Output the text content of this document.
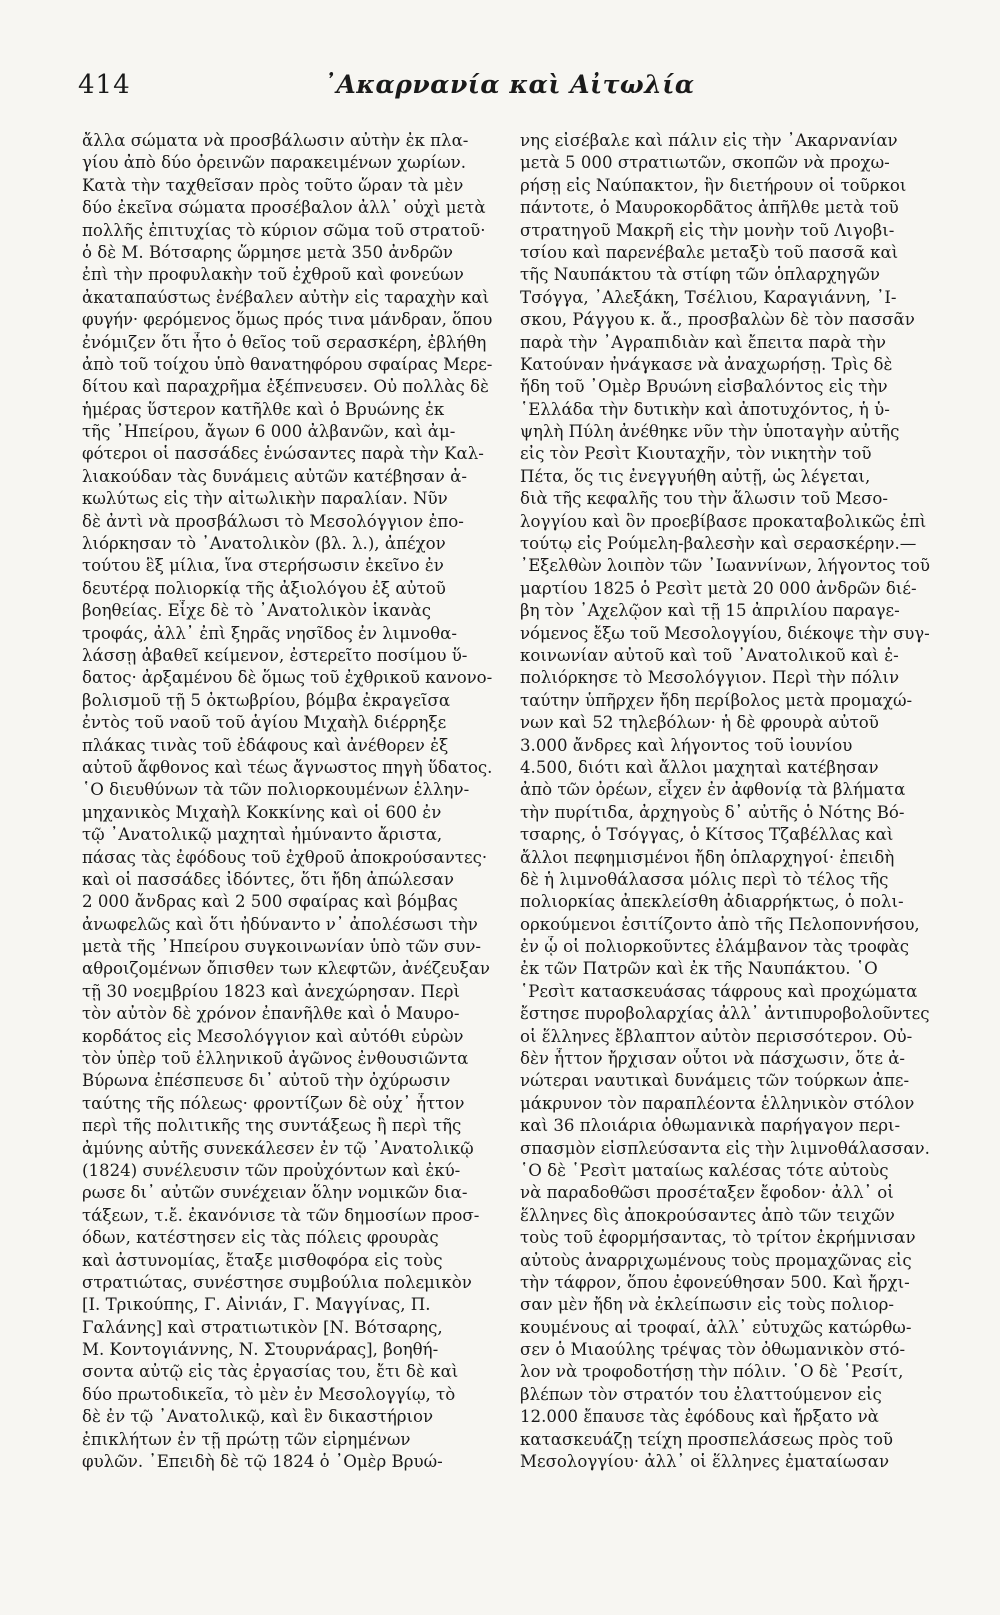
414	᾿Ακαρνανία καὶ Αἰτωλία
ἄλλα σώματα νὰ προσβάλωσιν αὐτὴν ἐκ πλα-
γίου ἀπὸ δύο ὀρεινῶν παρακειμένων χωρίων.
Κατὰ τὴν ταχθεῖσαν πρὸς τοῦτο ὥραν τὰ μὲν
δύο ἐκεῖνα σώματα προσέβαλον ἀλλ᾿ οὐχὶ μετὰ
πολλῆς ἐπιτυχίας τὸ κύριον σῶμα τοῦ στρατοῦ·
ὁ δὲ Μ. Βότσαρης ὥρμησε μετὰ 350 ἀνδρῶν
ἐπὶ τὴν προφυλακὴν τοῦ ἐχθροῦ καὶ φονεύων
ἀκαταπαύστως ἐνέβαλεν αὐτὴν εἰς ταραχὴν καὶ
φυγήν· φερόμενος ὅμως πρός τινα μάνδραν, ὅπου
ἐνόμιζεν ὅτι ἦτο ὁ θεῖος τοῦ σερασκέρη, ἐβλήθη
ἀπὸ τοῦ τοίχου ὑπὸ θανατηφόρου σφαίρας Μερε-
δίτου καὶ παραχρῆμα ἐξέπνευσεν. Οὐ πολλὰς δὲ
ἡμέρας ὕστερον κατῆλθε καὶ ὁ Βρυώνης ἐκ
τῆς ᾿Ηπείρου, ἄγων 6 000 ἀλβανῶν, καὶ ἀμ-
φότεροι οἱ πασσάδες ἑνώσαντες παρὰ τὴν Καλ-
λιακούδαν τὰς δυνάμεις αὐτῶν κατέβησαν ἀ-
κωλύτως εἰς τὴν αἰτωλικὴν παραλίαν. Νῦν
δὲ ἀντὶ νὰ προσβάλωσι τὸ Μεσολόγγιον ἐπο-
λιόρκησαν τὸ ᾿Ανατολικὸν (βλ. λ.), ἀπέχον
τούτου ἓξ μίλια, ἵνα στερήσωσιν ἐκεῖνο ἐν
δευτέρᾳ πολιορκίᾳ τῆς ἀξιολόγου ἐξ αὐτοῦ
βοηθείας. Εἶχε δὲ τὸ ᾿Ανατολικὸν ἱκανὰς
τροφάς, ἀλλ᾿ ἐπὶ ξηρᾶς νησῖδος ἐν λιμνοθα-
λάσσῃ ἀβαθεῖ κείμενον, ἐστερεῖτο ποσίμου ὕ-
δατος· ἀρξαμένου δὲ ὅμως τοῦ ἐχθρικοῦ κανονο-
βολισμοῦ τῇ 5 ὀκτωβρίου, βόμβα ἐκραγεῖσα
ἐντὸς τοῦ ναοῦ τοῦ ἁγίου Μιχαὴλ διέρρηξε
πλάκας τινὰς τοῦ ἐδάφους καὶ ἀνέθορεν ἐξ
αὐτοῦ ἄφθονος καὶ τέως ἄγνωστος πηγὴ ὕδατος.
῾Ο διευθύνων τὰ τῶν πολιορκουμένων ἑλλην-
μηχανικὸς Μιχαὴλ Κοκκίνης καὶ οἱ 600 ἐν
τῷ ᾿Ανατολικῷ μαχηταὶ ἠμύναντο ἄριστα,
πάσας τὰς ἐφόδους τοῦ ἐχθροῦ ἀποκρούσαντες·
καὶ οἱ πασσάδες ἰδόντες, ὅτι ἤδη ἀπώλεσαν
2 000 ἄνδρας καὶ 2 500 σφαίρας καὶ βόμβας
ἀνωφελῶς καὶ ὅτι ἠδύναντο ν᾿ ἀπολέσωσι τὴν
μετὰ τῆς ᾿Ηπείρου συγκοινωνίαν ὑπὸ τῶν συν-
αθροιζομένων ὄπισθεν των κλεφτῶν, ἀνέζευξαν
τῇ 30 νοεμβρίου 1823 καὶ ἀνεχώρησαν. Περὶ
τὸν αὐτὸν δὲ χρόνον ἐπανῆλθε καὶ ὁ Μαυρο-
κορδάτος εἰς Μεσολόγγιον καὶ αὐτόθι εὑρὼν
τὸν ὑπὲρ τοῦ ἑλληνικοῦ ἀγῶνος ἐνθουσιῶντα
Βύρωνα ἐπέσπευσε δι᾿ αὐτοῦ τὴν ὀχύρωσιν
ταύτης τῆς πόλεως· φροντίζων δὲ οὐχ᾿ ἧττον
περὶ τῆς πολιτικῆς της συντάξεως ἢ περὶ τῆς
ἀμύνης αὐτῆς συνεκάλεσεν ἐν τῷ ᾿Ανατολικῷ
(1824) συνέλευσιν τῶν προὐχόντων καὶ ἐκύ-
ρωσε δι᾿ αὐτῶν συνέχειαν ὅλην νομικῶν δια-
τάξεων, τ.ἔ. ἐκανόνισε τὰ τῶν δημοσίων προσ-
όδων, κατέστησεν εἰς τὰς πόλεις φρουρὰς
καὶ ἀστυνομίας, ἔταξε μισθοφόρα εἰς τοὺς
στρατιώτας, συνέστησε συμβούλια πολεμικὸν
[Ι. Τρικούπης, Γ. Αἰνιάν, Γ. Μαγγίνας, Π.
Γαλάνης] καὶ στρατιωτικὸν [Ν. Βότσαρης,
Μ. Κοντογιάννης, Ν. Στουρνάρας], βοηθή-
σοντα αὐτῷ εἰς τὰς ἐργασίας του, ἔτι δὲ καὶ
δύο πρωτοδικεῖα, τὸ μὲν ἐν Μεσολογγίῳ, τὸ
δὲ ἐν τῷ ᾿Ανατολικῷ, καὶ ἓν δικαστήριον
ἐπικλήτων ἐν τῇ πρώτῃ τῶν εἰρημένων
φυλῶν. ᾿Επειδὴ δὲ τῷ 1824 ὁ ᾿Ομὲρ Βρυώ-
νης εἰσέβαλε καὶ πάλιν εἰς τὴν ᾿Ακαρνανίαν
μετὰ 5 000 στρατιωτῶν, σκοπῶν νὰ προχω-
ρήσῃ εἰς Ναύπακτον, ἣν διετήρουν οἱ τοῦρκοι
πάντοτε, ὁ Μαυροκορδᾶτος ἀπῆλθε μετὰ τοῦ
στρατηγοῦ Μακρῆ εἰς τὴν μονὴν τοῦ Λιγοβι-
τσίου καὶ παρενέβαλε μεταξὺ τοῦ πασσᾶ καὶ
τῆς Ναυπάκτου τὰ στίφη τῶν ὁπλαρχηγῶν
Τσόγγα, ᾿Αλεξάκη, Τσέλιου, Καραγιάννη, ᾿Ι-
σκου, Ράγγου κ. ἄ., προσβαλὼν δὲ τὸν πασσᾶν
παρὰ τὴν ᾿Αγραπιδιὰν καὶ ἔπειτα παρὰ τὴν
Κατούναν ἠνάγκασε νὰ ἀναχωρήσῃ. Τρὶς δὲ
ἤδη τοῦ ᾿Ομὲρ Βρυώνη εἰσβαλόντος εἰς τὴν
῾Ελλάδα τὴν δυτικὴν καὶ ἀποτυχόντος, ἡ ὑ-
ψηλὴ Πύλη ἀνέθηκε νῦν τὴν ὑποταγὴν αὐτῆς
εἰς τὸν Ρεσὶτ Κιουταχῆν, τὸν νικητὴν τοῦ
Πέτα, ὅς τις ἐνεγγυήθη αὐτῇ, ὡς λέγεται,
διὰ τῆς κεφαλῆς του τὴν ἅλωσιν τοῦ Μεσο-
λογγίου καὶ ὃν προεβίβασε προκαταβολικῶς ἐπὶ
τούτῳ εἰς Ρούμελη-βαλεσὴν καὶ σερασκέρην.—
᾿Εξελθὼν λοιπὸν τῶν ᾿Ιωαννίνων, λήγοντος τοῦ
μαρτίου 1825 ὁ Ρεσὶτ μετὰ 20 000 ἀνδρῶν διέ-
βη τὸν ᾿Αχελῷον καὶ τῇ 15 ἀπριλίου παραγε-
νόμενος ἔξω τοῦ Μεσολογγίου, διέκοψε τὴν συγ-
κοινωνίαν αὐτοῦ καὶ τοῦ ᾿Ανατολικοῦ καὶ ἐ-
πολιόρκησε τὸ Μεσολόγγιον. Περὶ τὴν πόλιν
ταύτην ὑπῆρχεν ἤδη περίβολος μετὰ προμαχώ-
νων καὶ 52 τηλεβόλων· ἡ δὲ φρουρὰ αὐτοῦ
3.000 ἄνδρες καὶ λήγοντος τοῦ ἰουνίου
4.500, διότι καὶ ἄλλοι μαχηταὶ κατέβησαν
ἀπὸ τῶν ὀρέων, εἶχεν ἐν ἀφθονίᾳ τὰ βλήματα
τὴν πυρίτιδα, ἀρχηγοὺς δ᾿ αὐτῆς ὁ Νότης Βό-
τσαρης, ὁ Τσόγγας, ὁ Κίτσος Τζαβέλλας καὶ
ἄλλοι πεφημισμένοι ἤδη ὁπλαρχηγοί· ἐπειδὴ
δὲ ἡ λιμνοθάλασσα μόλις περὶ τὸ τέλος τῆς
πολιορκίας ἀπεκλείσθη ἀδιαρρήκτως, ὁ πολι-
ορκούμενοι ἐσιτίζοντο ἀπὸ τῆς Πελοποννήσου,
ἐν ᾧ οἱ πολιορκοῦντες ἐλάμβανον τὰς τροφὰς
ἐκ τῶν Πατρῶν καὶ ἐκ τῆς Ναυπάκτου. ῾Ο
῾Ρεσὶτ κατασκευάσας τάφρους καὶ προχώματα
ἔστησε πυροβολαρχίας ἀλλ᾿ ἀντιπυροβολοῦντες
οἱ ἕλληνες ἔβλαπτον αὐτὸν περισσότερον. Οὐ-
δὲν ἧττον ἤρχισαν οὗτοι νὰ πάσχωσιν, ὅτε ἀ-
νώτεραι ναυτικαὶ δυνάμεις τῶν τούρκων ἀπε-
μάκρυνον τὸν παραπλέοντα ἑλληνικὸν στόλον
καὶ 36 πλοιάρια ὀθωμανικὰ παρήγαγον περι-
σπασμὸν εἰσπλεύσαντα εἰς τὴν λιμνοθάλασσαν.
῾Ο δὲ ῾Ρεσὶτ ματαίως καλέσας τότε αὐτοὺς
νὰ παραδοθῶσι προσέταξεν ἔφοδον· ἀλλ᾿ οἱ
ἕλληνες δὶς ἀποκρούσαντες ἀπὸ τῶν τειχῶν
τοὺς τοῦ ἐφορμήσαντας, τὸ τρίτον ἐκρήμνισαν
αὐτοὺς ἀναρριχωμένους τοὺς προμαχῶνας εἰς
τὴν τάφρον, ὅπου ἐφονεύθησαν 500. Καὶ ἤρχι-
σαν μὲν ἤδη νὰ ἐκλείπωσιν εἰς τοὺς πολιορ-
κουμένους αἱ τροφαί, ἀλλ᾿ εὐτυχῶς κατώρθω-
σεν ὁ Μιαούλης τρέψας τὸν ὀθωμανικὸν στό-
λον νὰ τροφοδοτήσῃ τὴν πόλιν. ῾Ο δὲ ῾Ρεσίτ,
βλέπων τὸν στρατόν του ἐλαττούμενον εἰς
12.000 ἔπαυσε τὰς ἐφόδους καὶ ἤρξατο νὰ
κατασκευάζῃ τείχη προσπελάσεως πρὸς τοῦ
Μεσολογγίου· ἀλλ᾿ οἱ ἕλληνες ἐματαίωσαν
